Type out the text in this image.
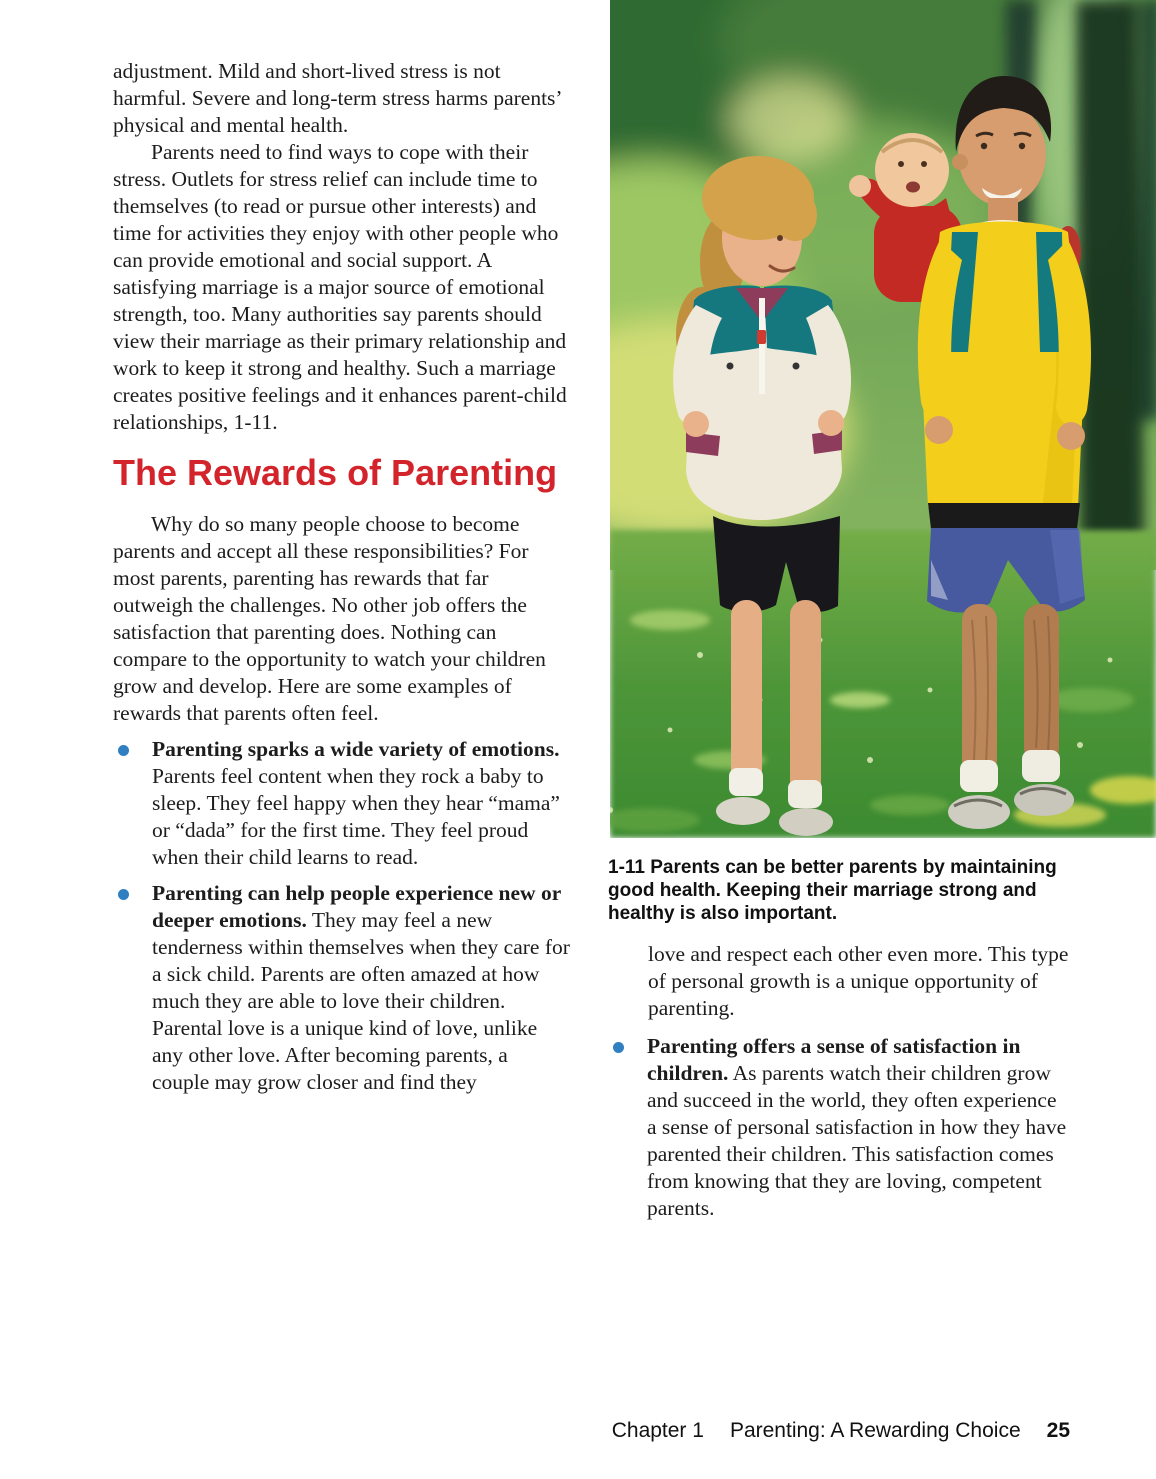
adjustment. Mild and short-lived stress is not harmful. Severe and long-term stress harms parents’ physical and mental health.

Parents need to find ways to cope with their stress. Outlets for stress relief can include time to themselves (to read or pursue other interests) and time for activities they enjoy with other people who can provide emotional and social support. A satisfying marriage is a major source of emotional strength, too. Many authorities say parents should view their marriage as their primary relationship and work to keep it strong and healthy. Such a marriage creates positive feelings and it enhances parent-child relationships, 1-11.

The Rewards of Parenting

Why do so many people choose to become parents and accept all these responsibilities? For most parents, parenting has rewards that far outweigh the challenges. No other job offers the satisfaction that parenting does. Nothing can compare to the opportunity to watch your children grow and develop. Here are some examples of rewards that parents often feel.

Parenting sparks a wide variety of emotions. Parents feel content when they rock a baby to sleep. They feel happy when they hear “mama” or “dada” for the first time. They feel proud when their child learns to read.
Parenting can help people experience new or deeper emotions. They may feel a new tenderness within themselves when they care for a sick child. Parents are often amazed at how much they are able to love their children. Parental love is a unique kind of love, unlike any other love. After becoming parents, a couple may grow closer and find they
1-11 Parents can be better parents by maintaining good health. Keeping their marriage strong and healthy is also important.

love and respect each other even more. This type of personal growth is a unique opportunity of parenting.

Parenting offers a sense of satisfaction in children. As parents watch their children grow and succeed in the world, they often experience a sense of personal satisfaction in how they have parented their children. This satisfaction comes from knowing that they are loving, competent parents.
Chapter 1 Parenting: A Rewarding Choice 25
